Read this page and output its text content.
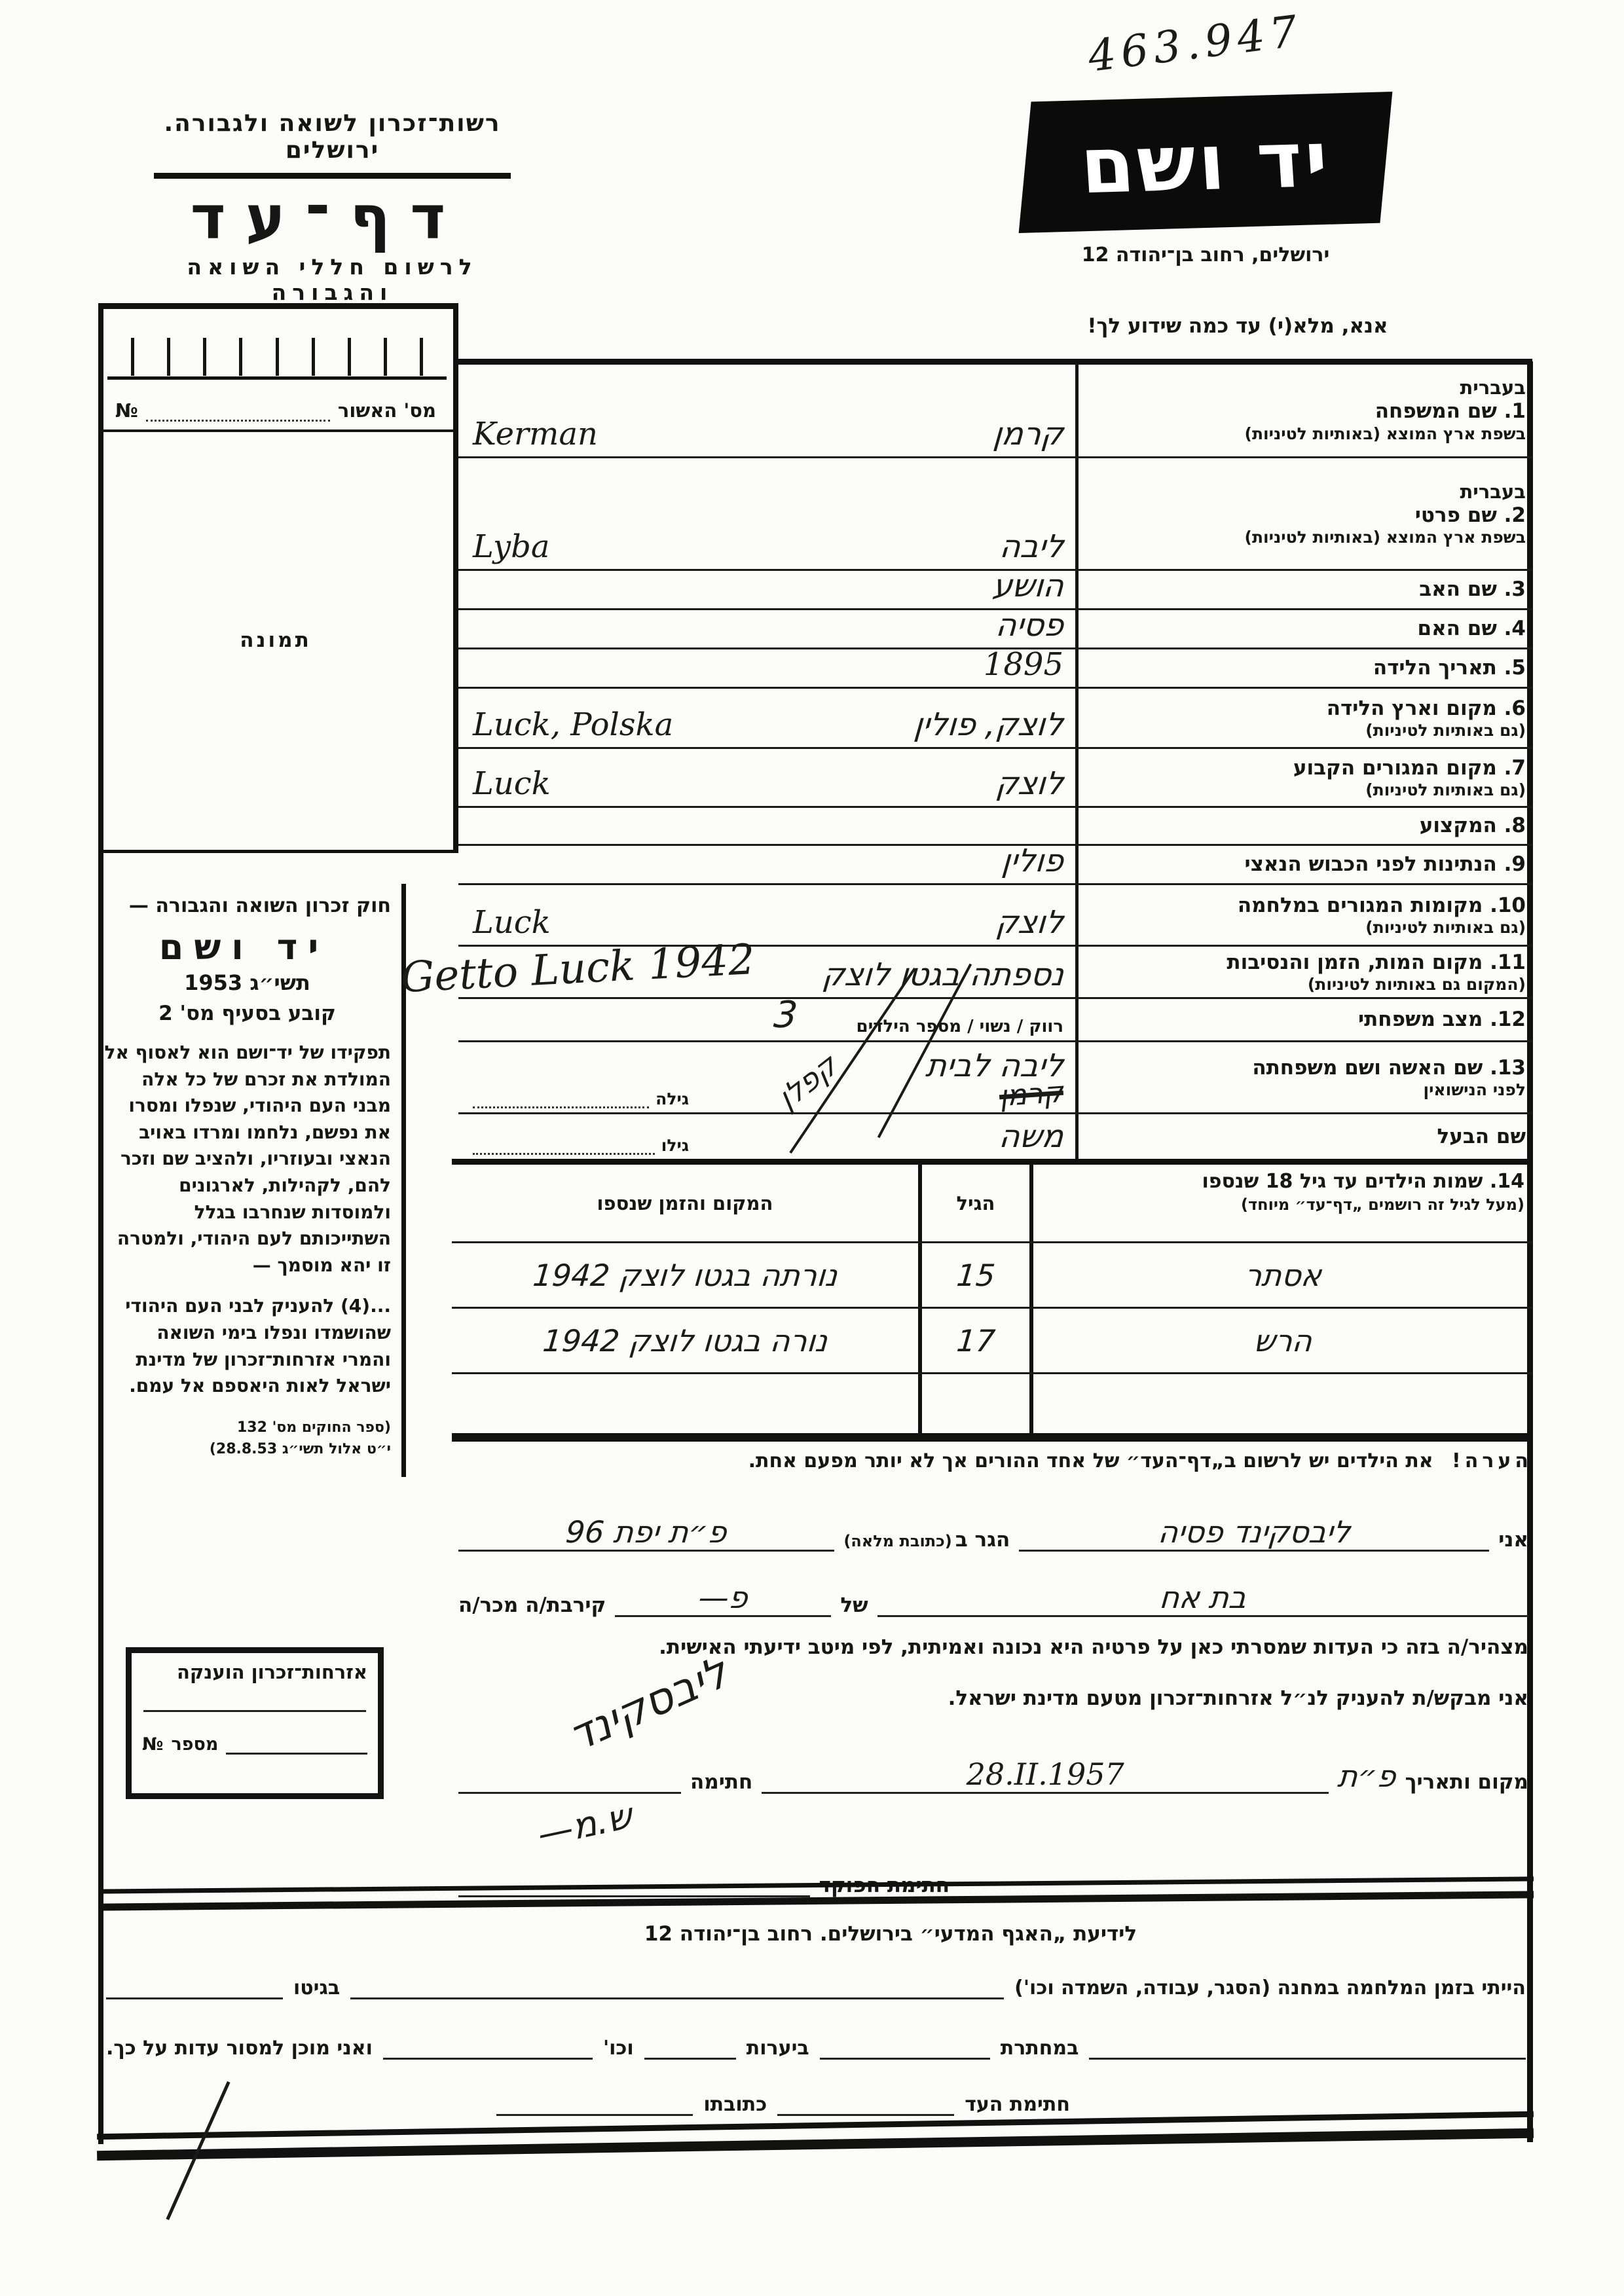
463.947
רשות־זכרון לשואה ולגבורה. ירושלים
דף־עד
לרשום חללי השואה והגבורה
יד ושם
ירושלים, רחוב בן־יהודה 12
אנא, מלא(י) עד כמה שידוע לך!
מס' האשור
№
תמונה
חוק זכרון השואה והגבורה —
יד ושם
תשי״ג 1953
קובע בסעיף מס' 2
תפקידו של יד־ושם הוא לאסוף אל המולדת את זכרם של כל אלה מבני העם היהודי, שנפלו ומסרו את נפשם, נלחמו ומרדו באויב הנאצי ובעוזריו, ולהציב שם וזכר להם, לקהילות, לארגונים ולמוסדות שנחרבו בגלל השתייכותם לעם היהודי, ולמטרה זו יהא מוסמך —
...(4) להעניק לבני העם היהודי שהושמדו ונפלו בימי השואה והמרי אזרחות־זכרון של מדינת ישראל לאות היאספם אל עמם.
(ספר החוקים מס' 132
י״ט אלול תשי״ג 28.8.53)
אזרחות־זכרון הוענקה
מספר
№
בעברית
1. שם המשפחה
בשפת ארץ המוצא (באותיות לטיניות)
קרמן
Kerman
בעברית
2. שם פרטי
בשפת ארץ המוצא (באותיות לטיניות)
ליבה
Lyba
3. שם האב
הושע
4. שם האם
פסיה
5. תאריך הלידה
1895
6. מקום וארץ הלידה
(גם באותיות לטיניות)
לוצק, פולין
Luck, Polska
7. מקום המגורים הקבוע
(גם באותיות לטיניות)
לוצק
Luck
8. המקצוע
9. הנתינות לפני הכבוש הנאצי
פולין
10. מקומות המגורים במלחמה
(גם באותיות לטיניות)
לוצק
Luck
11. מקום המות, הזמן והנסיבות
(המקום גם באותיות לטיניות)
נספתה בגטו לוצק
Getto Luck 1942
12. מצב משפחתי
רווק / נשוי / מספר הילדים
3
13. שם האשה ושם משפחתה
לפני הנישואין
ליבה לבית
קרמן
קפלן
גילה
שם הבעל
משה
גילו
14. שמות הילדים עד גיל 18 שנספו
(מעל לגיל זה רושמים „דף־עד״ מיוחד)
הגיל
המקום והזמן שנספו
אסתר
15
נורתה בגטו לוצק 1942
הרש
17
נורה בגטו לוצק 1942
הערה! את הילדים יש לרשום ב„דף־העד״ של אחד ההורים אך לא יותר מפעם אחת.
אני
ליבסקינד פסיה
הגר ב (כתובת מלאה)
פ״ת יפת 96
בת אח
של
פ—
קירבת/ה מכר/ה
מצהיר/ה בזה כי העדות שמסרתי כאן על פרטיה היא נכונה ואמיתית, לפי מיטב ידיעתי האישית.
אני מבקש/ת להעניק לנ״ל אזרחות־זכרון מטעם מדינת ישראל.
מקום ותאריך
פ״ת
28.II.1957
חתימה
ליבסקינד
ש.מ—
לידיעת „האגף המדעי״ בירושלים. רחוב בן־יהודה 12
הייתי בזמן המלחמה במחנה (הסגר, עבודה, השמדה וכו')
בגיטו
במחתרת
ביערות
וכו'
ואני מוכן למסור עדות על כך.
חתימת העד
כתובתו
